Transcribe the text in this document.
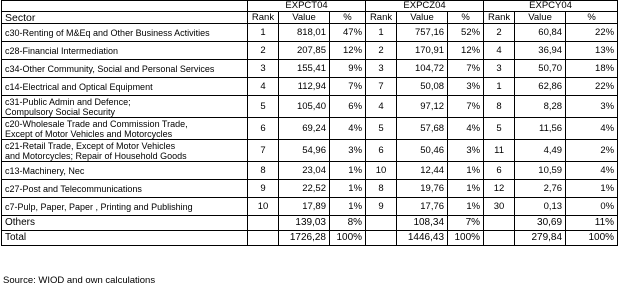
	EXPCT04			EXPCZ04			EXPCY04		
Sector	Rank	Value	%	Rank	Value	%	Rank	Value	%

c30-Renting of M&Eq and Other Business Activities	1	818,01	47%	1	757,16	52%	2	60,84	22%

c28-Financial Intermediation	2	207,85	12%	2	170,91	12%	4	36,94	13%

c34-Other Community, Social and Personal Services	3	155,41	9%	3	104,72	7%	3	50,70	18%

c14-Electrical and Optical Equipment	4	112,94	7%	7	50,08	3%	1	62,86	22%

c31-Public Admin and Defence;
Compulsory Social Security	5	105,40	6%	4	97,12	7%	8	8,28	3%

c20-Wholesale Trade and Commission Trade,
Except of Motor Vehicles and Motorcycles	6	69,24	4%	5	57,68	4%	5	11,56	4%

c21-Retail Trade, Except of Motor Vehicles
and Motorcycles; Repair of Household Goods	7	54,96	3%	6	50,46	3%	11	4,49	2%

c13-Machinery, Nec	8	23,04	1%	10	12,44	1%	6	10,59	4%

c27-Post and Telecommunications	9	22,52	1%	8	19,76	1%	12	2,76	1%

c7-Pulp, Paper, Paper , Printing and Publishing	10	17,89	1%	9	17,76	1%	30	0,13	0%
Others		139,03	8%		108,34	7%		30,69	11%
Total		1726,28	100%		1446,43	100%		279,84	100%
Source: WIOD and own calculations
